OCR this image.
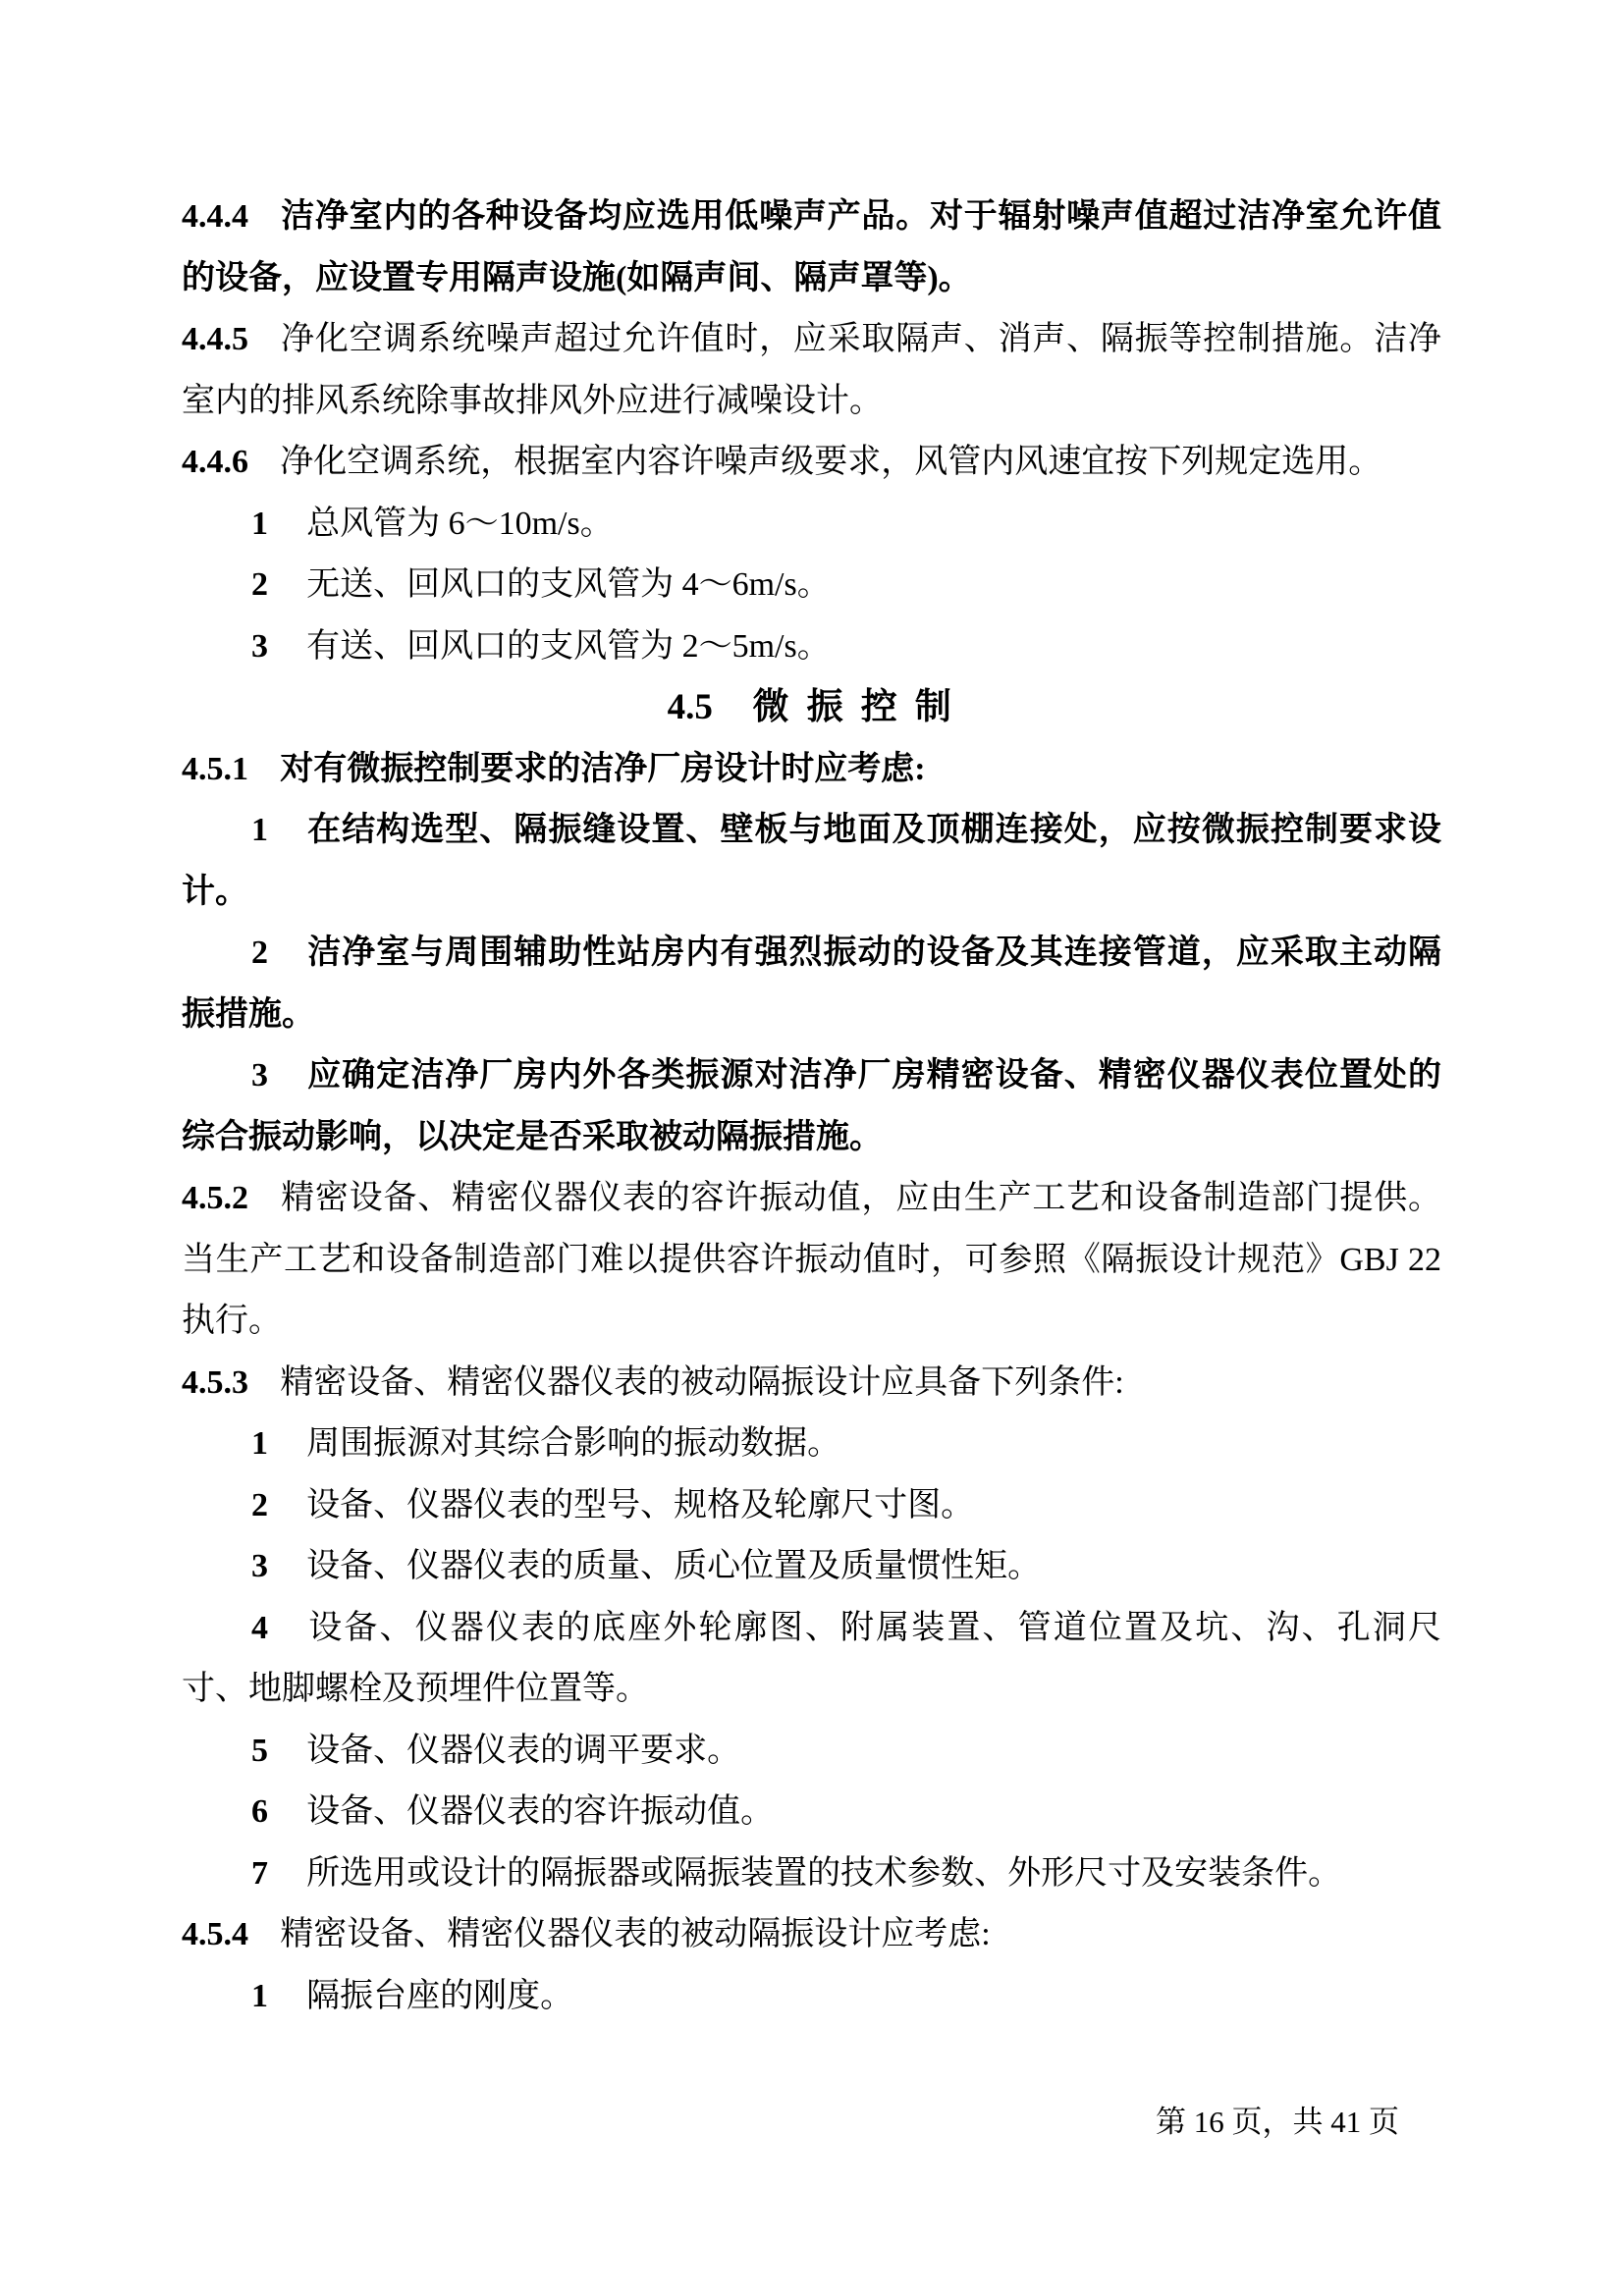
4.4.4 洁净室内的各种设备均应选用低噪声产品。对于辐射噪声值超过洁净室允许值的设备，应设置专用隔声设施(如隔声间、隔声罩等)。

4.4.5 净化空调系统噪声超过允许值时，应采取隔声、消声、隔振等控制措施。洁净室内的排风系统除事故排风外应进行减噪设计。

4.4.6 净化空调系统，根据室内容许噪声级要求，风管内风速宜按下列规定选用。

1 总风管为 6～10m/s。

2 无送、回风口的支风管为 4～6m/s。

3 有送、回风口的支风管为 2～5m/s。

4.5 微 振 控 制

4.5.1 对有微振控制要求的洁净厂房设计时应考虑:

1 在结构选型、隔振缝设置、壁板与地面及顶棚连接处，应按微振控制要求设计。

2 洁净室与周围辅助性站房内有强烈振动的设备及其连接管道，应采取主动隔振措施。

3 应确定洁净厂房内外各类振源对洁净厂房精密设备、精密仪器仪表位置处的综合振动影响，以决定是否采取被动隔振措施。

4.5.2 精密设备、精密仪器仪表的容许振动值，应由生产工艺和设备制造部门提供。当生产工艺和设备制造部门难以提供容许振动值时，可参照《隔振设计规范》GBJ 22 执行。

4.5.3 精密设备、精密仪器仪表的被动隔振设计应具备下列条件:

1 周围振源对其综合影响的振动数据。

2 设备、仪器仪表的型号、规格及轮廓尺寸图。

3 设备、仪器仪表的质量、质心位置及质量惯性矩。

4 设备、仪器仪表的底座外轮廓图、附属装置、管道位置及坑、沟、孔洞尺寸、地脚螺栓及预埋件位置等。

5 设备、仪器仪表的调平要求。

6 设备、仪器仪表的容许振动值。

7 所选用或设计的隔振器或隔振装置的技术参数、外形尺寸及安装条件。

4.5.4 精密设备、精密仪器仪表的被动隔振设计应考虑:

1 隔振台座的刚度。

第 16 页，共 41 页
